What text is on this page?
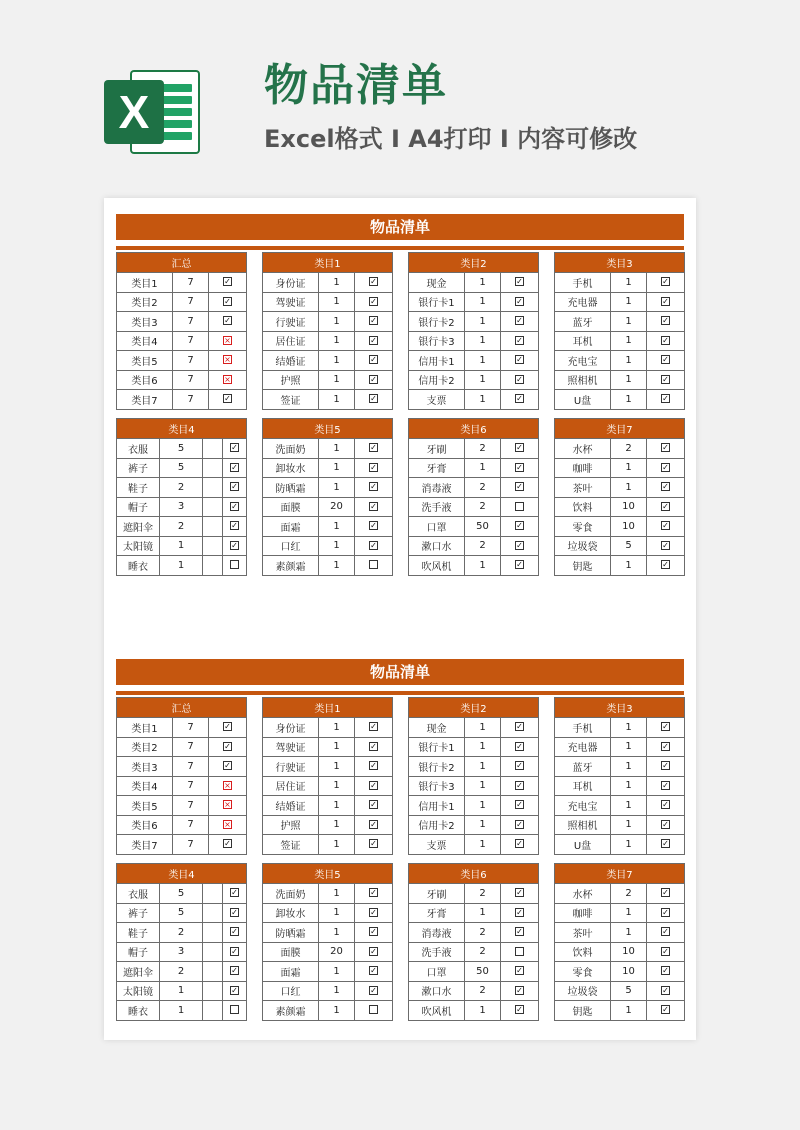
X
物品清单
Excel格式 I A4打印 I 内容可修改
物品清单
汇总		
类目1	7	✓
类目2	7	✓
类目3	7	✓
类目4	7	×
类目5	7	×
类目6	7	×
类目7	7	✓
类目1		
身份证	1	✓
驾驶证	1	✓
行驶证	1	✓
居住证	1	✓
结婚证	1	✓
护照	1	✓
签证	1	✓
类目2		
现金	1	✓
银行卡1	1	✓
银行卡2	1	✓
银行卡3	1	✓
信用卡1	1	✓
信用卡2	1	✓
支票	1	✓
类目3		
手机	1	✓
充电器	1	✓
蓝牙	1	✓
耳机	1	✓
充电宝	1	✓
照相机	1	✓
U盘	1	✓
类目4			
衣服	5		✓
裤子	5		✓
鞋子	2		✓
帽子	3		✓
遮阳伞	2		✓
太阳镜	1		✓
睡衣	1		
类目5		
洗面奶	1	✓
卸妆水	1	✓
防晒霜	1	✓
面膜	20	✓
面霜	1	✓
口红	1	✓
素颜霜	1	
类目6		
牙刷	2	✓
牙膏	1	✓
消毒液	2	✓
洗手液	2	
口罩	50	✓
漱口水	2	✓
吹风机	1	✓
类目7		
水杯	2	✓
咖啡	1	✓
茶叶	1	✓
饮料	10	✓
零食	10	✓
垃圾袋	5	✓
钥匙	1	✓
物品清单
汇总		
类目1	7	✓
类目2	7	✓
类目3	7	✓
类目4	7	×
类目5	7	×
类目6	7	×
类目7	7	✓
类目1		
身份证	1	✓
驾驶证	1	✓
行驶证	1	✓
居住证	1	✓
结婚证	1	✓
护照	1	✓
签证	1	✓
类目2		
现金	1	✓
银行卡1	1	✓
银行卡2	1	✓
银行卡3	1	✓
信用卡1	1	✓
信用卡2	1	✓
支票	1	✓
类目3		
手机	1	✓
充电器	1	✓
蓝牙	1	✓
耳机	1	✓
充电宝	1	✓
照相机	1	✓
U盘	1	✓
类目4			
衣服	5		✓
裤子	5		✓
鞋子	2		✓
帽子	3		✓
遮阳伞	2		✓
太阳镜	1		✓
睡衣	1		
类目5		
洗面奶	1	✓
卸妆水	1	✓
防晒霜	1	✓
面膜	20	✓
面霜	1	✓
口红	1	✓
素颜霜	1	
类目6		
牙刷	2	✓
牙膏	1	✓
消毒液	2	✓
洗手液	2	
口罩	50	✓
漱口水	2	✓
吹风机	1	✓
类目7		
水杯	2	✓
咖啡	1	✓
茶叶	1	✓
饮料	10	✓
零食	10	✓
垃圾袋	5	✓
钥匙	1	✓
